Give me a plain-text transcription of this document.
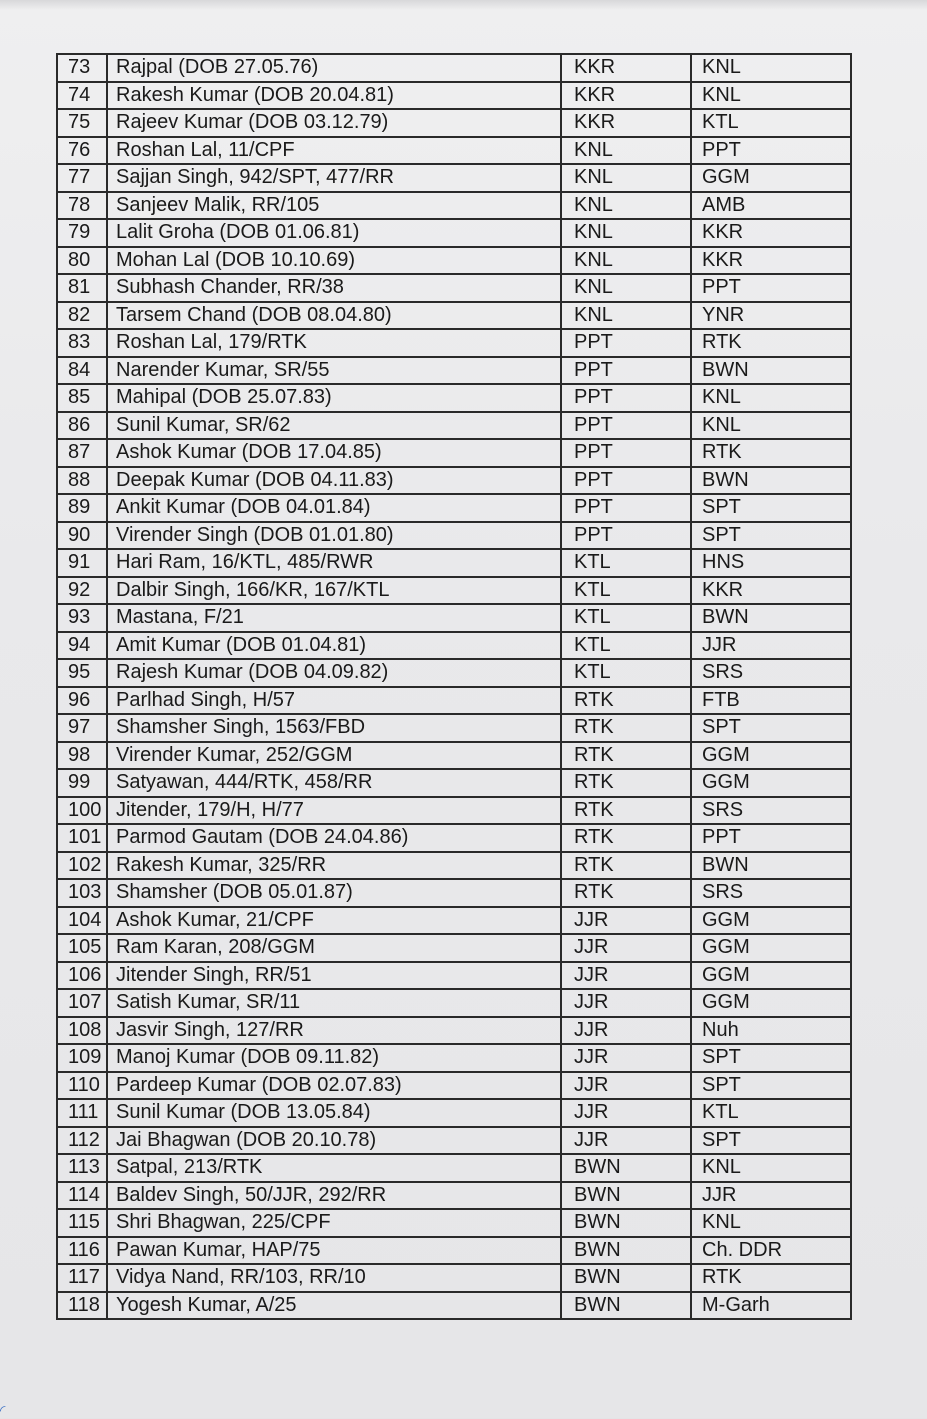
73	Rajpal (DOB 27.05.76)	KKR	KNL
74	Rakesh Kumar (DOB 20.04.81)	KKR	KNL
75	Rajeev Kumar (DOB 03.12.79)	KKR	KTL
76	Roshan Lal, 11/CPF	KNL	PPT
77	Sajjan Singh, 942/SPT, 477/RR	KNL	GGM
78	Sanjeev Malik, RR/105	KNL	AMB
79	Lalit Groha (DOB 01.06.81)	KNL	KKR
80	Mohan Lal (DOB 10.10.69)	KNL	KKR
81	Subhash Chander, RR/38	KNL	PPT
82	Tarsem Chand (DOB 08.04.80)	KNL	YNR
83	Roshan Lal, 179/RTK	PPT	RTK
84	Narender Kumar, SR/55	PPT	BWN
85	Mahipal (DOB 25.07.83)	PPT	KNL
86	Sunil Kumar, SR/62	PPT	KNL
87	Ashok Kumar (DOB 17.04.85)	PPT	RTK
88	Deepak Kumar (DOB 04.11.83)	PPT	BWN
89	Ankit Kumar (DOB 04.01.84)	PPT	SPT
90	Virender Singh (DOB 01.01.80)	PPT	SPT
91	Hari Ram, 16/KTL, 485/RWR	KTL	HNS
92	Dalbir Singh, 166/KR, 167/KTL	KTL	KKR
93	Mastana, F/21	KTL	BWN
94	Amit Kumar (DOB 01.04.81)	KTL	JJR
95	Rajesh Kumar (DOB 04.09.82)	KTL	SRS
96	Parlhad Singh, H/57	RTK	FTB
97	Shamsher Singh, 1563/FBD	RTK	SPT
98	Virender Kumar, 252/GGM	RTK	GGM
99	Satyawan, 444/RTK, 458/RR	RTK	GGM
100	Jitender, 179/H, H/77	RTK	SRS
101	Parmod Gautam (DOB 24.04.86)	RTK	PPT
102	Rakesh Kumar, 325/RR	RTK	BWN
103	Shamsher (DOB 05.01.87)	RTK	SRS
104	Ashok Kumar, 21/CPF	JJR	GGM
105	Ram Karan, 208/GGM	JJR	GGM
106	Jitender Singh, RR/51	JJR	GGM
107	Satish Kumar, SR/11	JJR	GGM
108	Jasvir Singh, 127/RR	JJR	Nuh
109	Manoj Kumar (DOB 09.11.82)	JJR	SPT
110	Pardeep Kumar (DOB 02.07.83)	JJR	SPT
111	Sunil Kumar (DOB 13.05.84)	JJR	KTL
112	Jai Bhagwan (DOB 20.10.78)	JJR	SPT
113	Satpal, 213/RTK	BWN	KNL
114	Baldev Singh, 50/JJR, 292/RR	BWN	JJR
115	Shri Bhagwan, 225/CPF	BWN	KNL
116	Pawan Kumar, HAP/75	BWN	Ch. DDR
117	Vidya Nand, RR/103, RR/10	BWN	RTK
118	Yogesh Kumar, A/25	BWN	M-Garh
◜
